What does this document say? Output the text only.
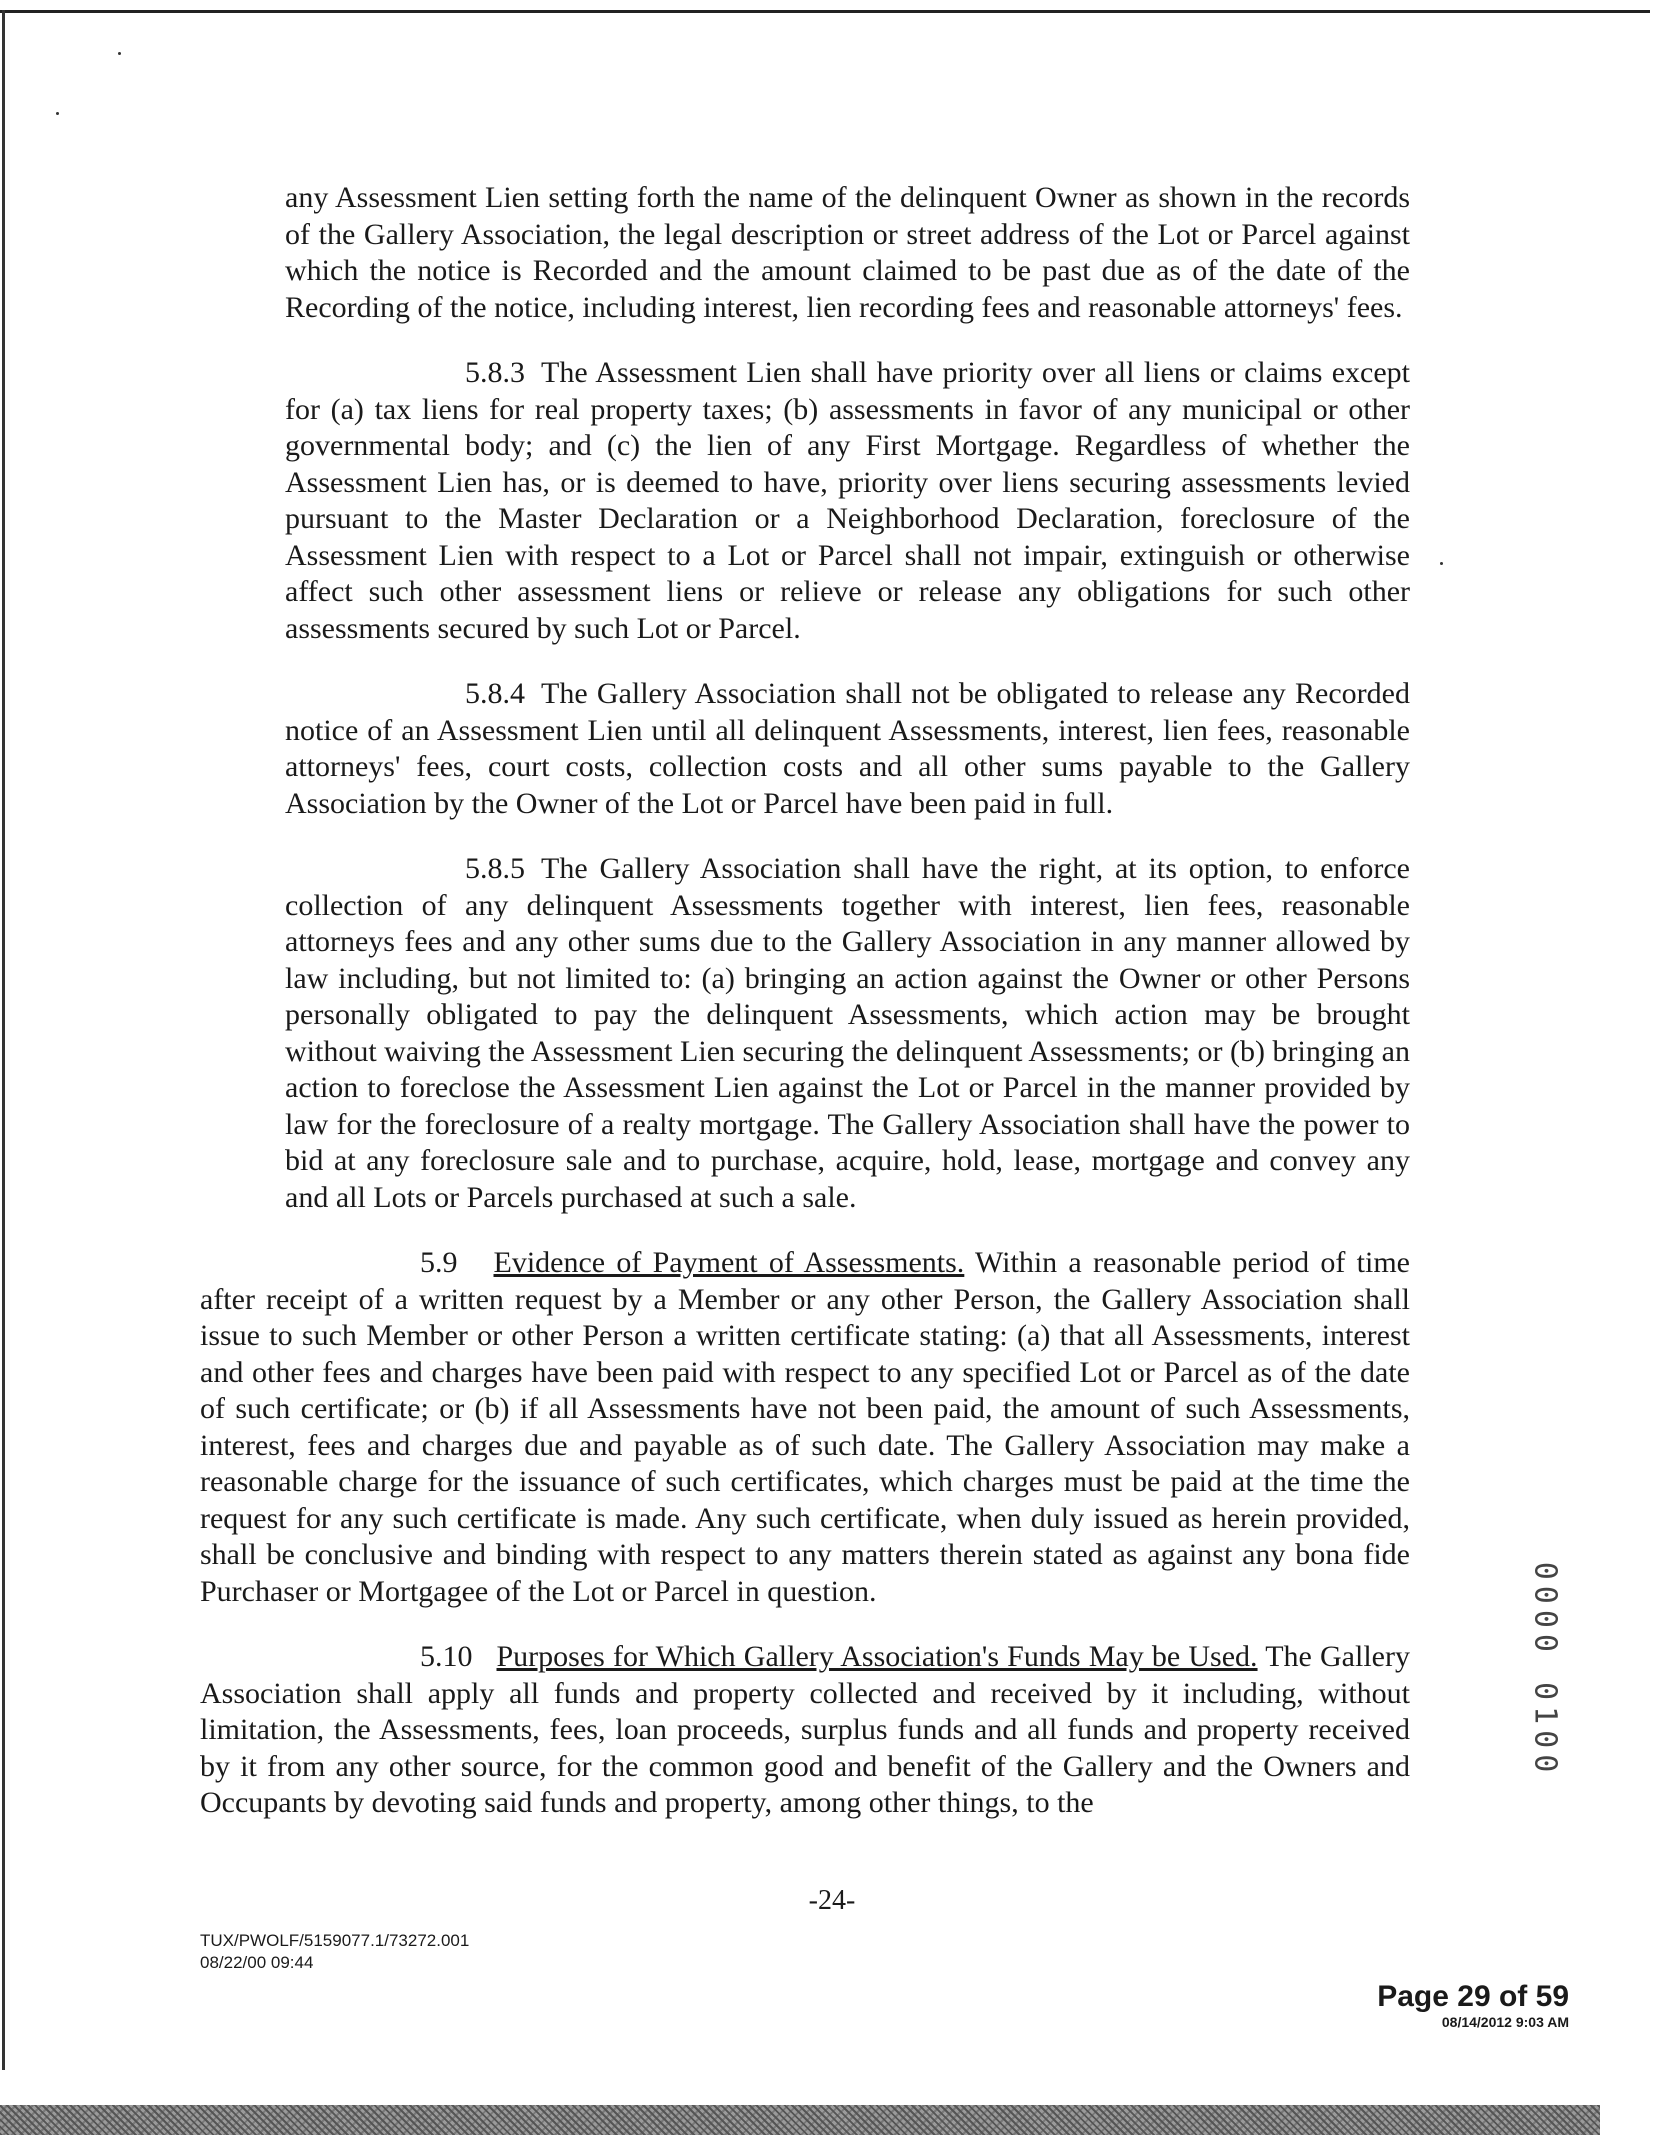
any Assessment Lien setting forth the name of the delinquent Owner as shown in the records of the Gallery Association, the legal description or street address of the Lot or Parcel against which the notice is Recorded and the amount claimed to be past due as of the date of the Recording of the notice, including interest, lien recording fees and reasonable attorneys' fees.

5.8.3 The Assessment Lien shall have priority over all liens or claims except for (a) tax liens for real property taxes; (b) assessments in favor of any municipal or other governmental body; and (c) the lien of any First Mortgage. Regardless of whether the Assessment Lien has, or is deemed to have, priority over liens securing assessments levied pursuant to the Master Declaration or a Neighborhood Declaration, foreclosure of the Assessment Lien with respect to a Lot or Parcel shall not impair, extinguish or otherwise affect such other assessment liens or relieve or release any obligations for such other assessments secured by such Lot or Parcel.

5.8.4 The Gallery Association shall not be obligated to release any Recorded notice of an Assessment Lien until all delinquent Assessments, interest, lien fees, reasonable attorneys' fees, court costs, collection costs and all other sums payable to the Gallery Association by the Owner of the Lot or Parcel have been paid in full.

5.8.5 The Gallery Association shall have the right, at its option, to enforce collection of any delinquent Assessments together with interest, lien fees, reasonable attorneys fees and any other sums due to the Gallery Association in any manner allowed by law including, but not limited to: (a) bringing an action against the Owner or other Persons personally obligated to pay the delinquent Assessments, which action may be brought without waiving the Assessment Lien securing the delinquent Assessments; or (b) bringing an action to foreclose the Assessment Lien against the Lot or Parcel in the manner provided by law for the foreclosure of a realty mortgage. The Gallery Association shall have the power to bid at any foreclosure sale and to purchase, acquire, hold, lease, mortgage and convey any and all Lots or Parcels purchased at such a sale.

5.9 Evidence of Payment of Assessments. Within a reasonable period of time after receipt of a written request by a Member or any other Person, the Gallery Association shall issue to such Member or other Person a written certificate stating: (a) that all Assessments, interest and other fees and charges have been paid with respect to any specified Lot or Parcel as of the date of such certificate; or (b) if all Assessments have not been paid, the amount of such Assessments, interest, fees and charges due and payable as of such date. The Gallery Association may make a reasonable charge for the issuance of such certificates, which charges must be paid at the time the request for any such certificate is made. Any such certificate, when duly issued as herein provided, shall be conclusive and binding with respect to any matters therein stated as against any bona fide Purchaser or Mortgagee of the Lot or Parcel in question.

5.10 Purposes for Which Gallery Association's Funds May be Used. The Gallery Association shall apply all funds and property collected and received by it including, without limitation, the Assessments, fees, loan proceeds, surplus funds and all funds and property received by it from any other source, for the common good and benefit of the Gallery and the Owners and Occupants by devoting said funds and property, among other things, to the

-24-
TUX/PWOLF/5159077.1/73272.001
08/22/00 09:44
0000 0100
Page 29 of 59
08/14/2012 9:03 AM
